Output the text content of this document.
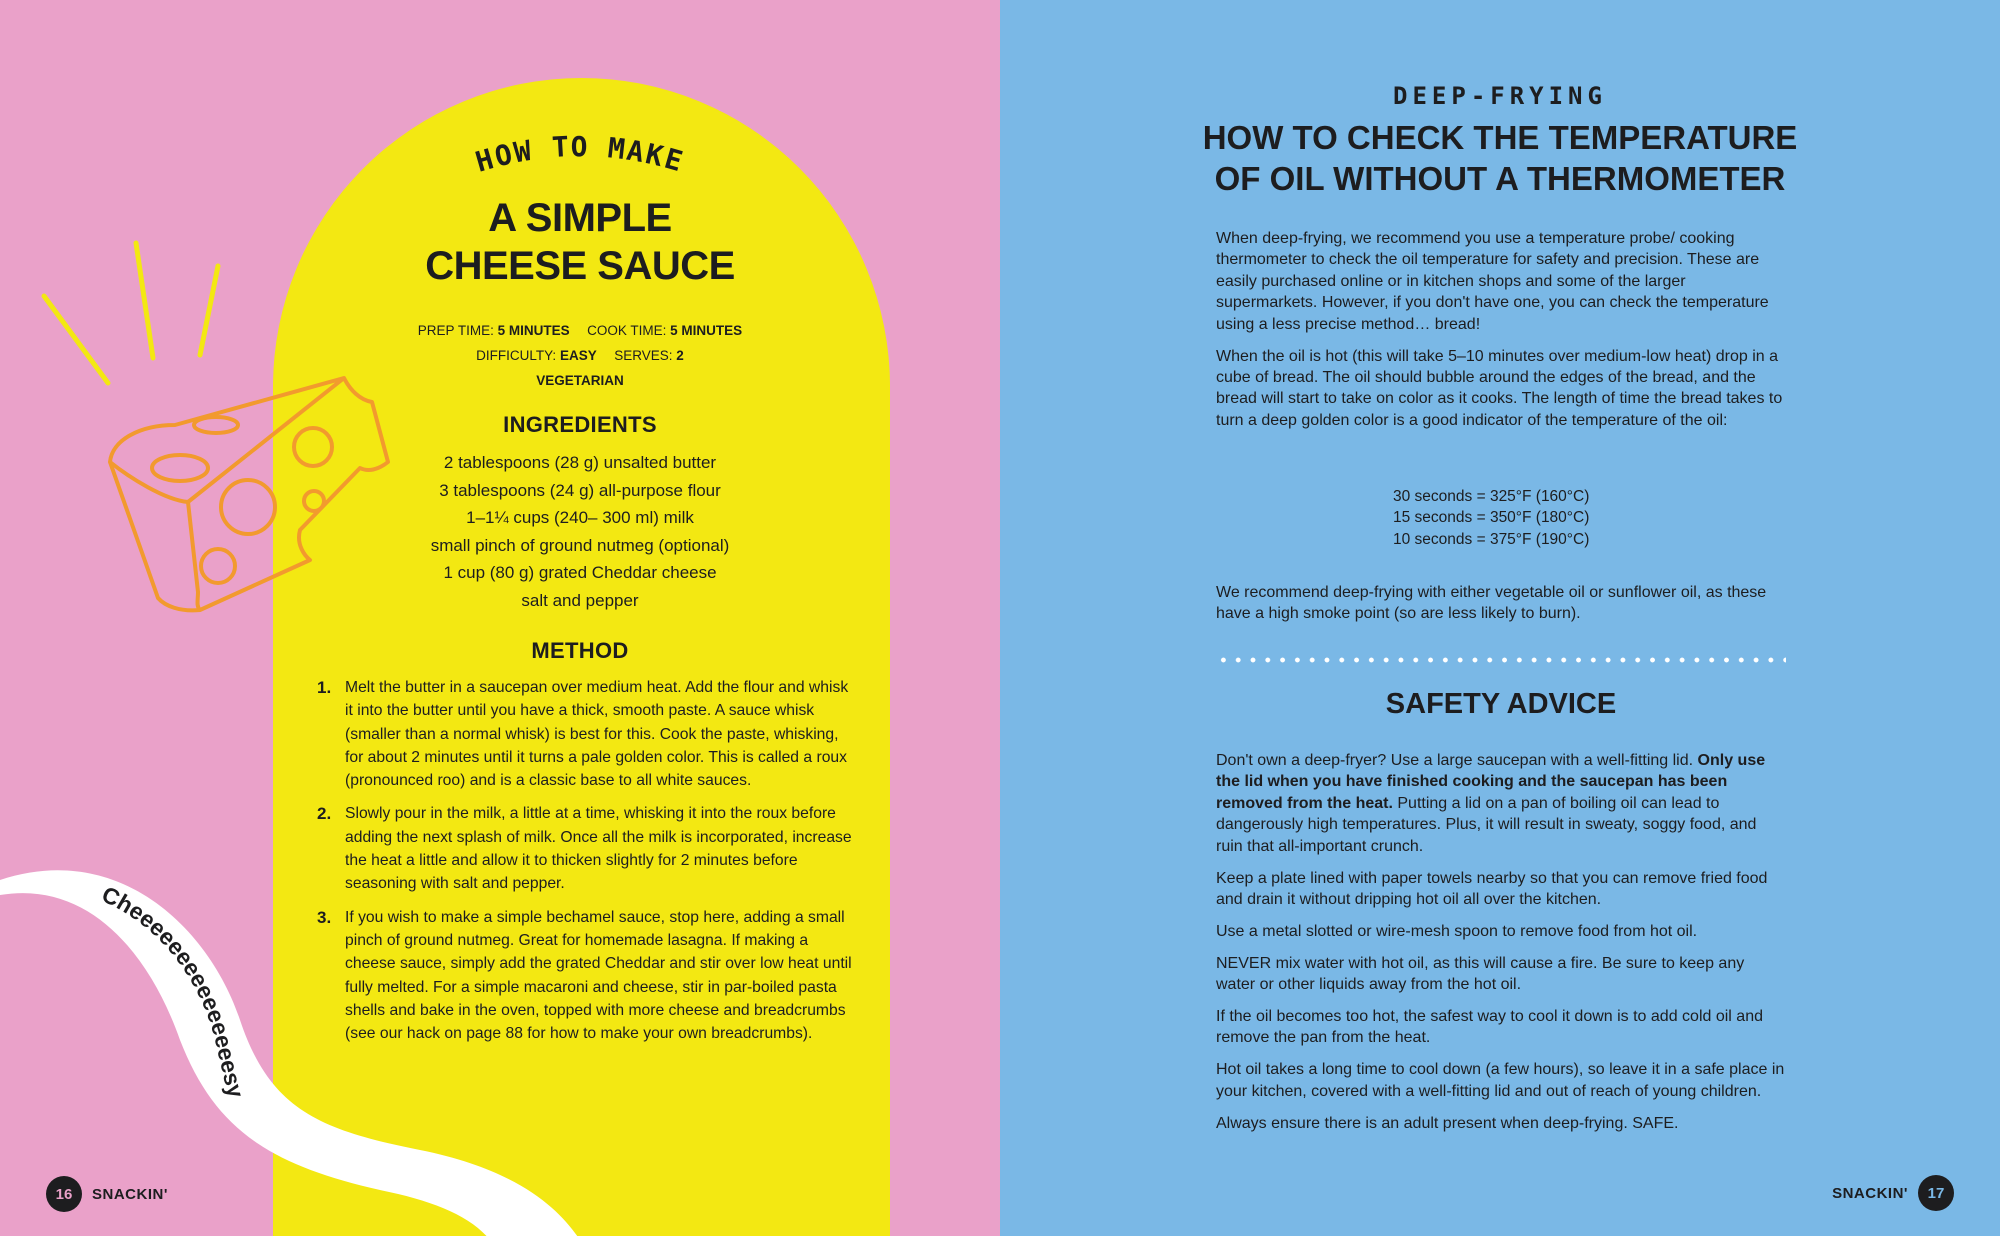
Cheeeeeeeeeeeeeeesy
HOW TO MAKE
A SIMPLE
CHEESE SAUCE
PREP TIME: 5 MINUTES COOK TIME: 5 MINUTES
DIFFICULTY: EASY SERVES: 2
VEGETARIAN
INGREDIENTS
2 tablespoons (28 g) unsalted butter
3 tablespoons (24 g) all-purpose flour
1–1¼ cups (240– 300 ml) milk
small pinch of ground nutmeg (optional)
1 cup (80 g) grated Cheddar cheese
salt and pepper
METHOD
1. Melt the butter in a saucepan over medium heat. Add the flour and whisk it into the butter until you have a thick, smooth paste. A sauce whisk (smaller than a normal whisk) is best for this. Cook the paste, whisking, for about 2 minutes until it turns a pale golden color. This is called a roux (pronounced roo) and is a classic base to all white sauces.
2. Slowly pour in the milk, a little at a time, whisking it into the roux before adding the next splash of milk. Once all the milk is incorporated, increase the heat a little and allow it to thicken slightly for 2 minutes before seasoning with salt and pepper.
3. If you wish to make a simple bechamel sauce, stop here, adding a small pinch of ground nutmeg. Great for homemade lasagna. If making a cheese sauce, simply add the grated Cheddar and stir over low heat until fully melted. For a simple macaroni and cheese, stir in par-boiled pasta shells and bake in the oven, topped with more cheese and breadcrumbs (see our hack on page 88 for how to make your own breadcrumbs).
16	SNACKIN'
DEEP-FRYING
HOW TO CHECK THE TEMPERATURE
OF OIL WITHOUT A THERMOMETER

When deep-frying, we recommend you use a temperature probe/ cooking thermometer to check the oil temperature for safety and precision. These are easily purchased online or in kitchen shops and some of the larger supermarkets. However, if you don't have one, you can check the temperature using a less precise method… bread!

When the oil is hot (this will take 5–10 minutes over medium-low heat) drop in a cube of bread. The oil should bubble around the edges of the bread, and the bread will start to take on color as it cooks. The length of time the bread takes to turn a deep golden color is a good indicator of the temperature of the oil:

30 seconds = 325°F (160°C)
15 seconds = 350°F (180°C)
10 seconds = 375°F (190°C)

We recommend deep-frying with either vegetable oil or sunflower oil, as these have a high smoke point (so are less likely to burn).

SAFETY ADVICE

Don't own a deep-fryer? Use a large saucepan with a well-fitting lid. Only use the lid when you have finished cooking and the saucepan has been removed from the heat. Putting a lid on a pan of boiling oil can lead to dangerously high temperatures. Plus, it will result in sweaty, soggy food, and ruin that all-important crunch.

Keep a plate lined with paper towels nearby so that you can remove fried food and drain it without dripping hot oil all over the kitchen.

Use a metal slotted or wire-mesh spoon to remove food from hot oil.

NEVER mix water with hot oil, as this will cause a fire. Be sure to keep any water or other liquids away from the hot oil.

If the oil becomes too hot, the safest way to cool it down is to add cold oil and remove the pan from the heat.

Hot oil takes a long time to cool down (a few hours), so leave it in a safe place in your kitchen, covered with a well-fitting lid and out of reach of young children.

Always ensure there is an adult present when deep-frying. SAFE.

SNACKIN'	17
